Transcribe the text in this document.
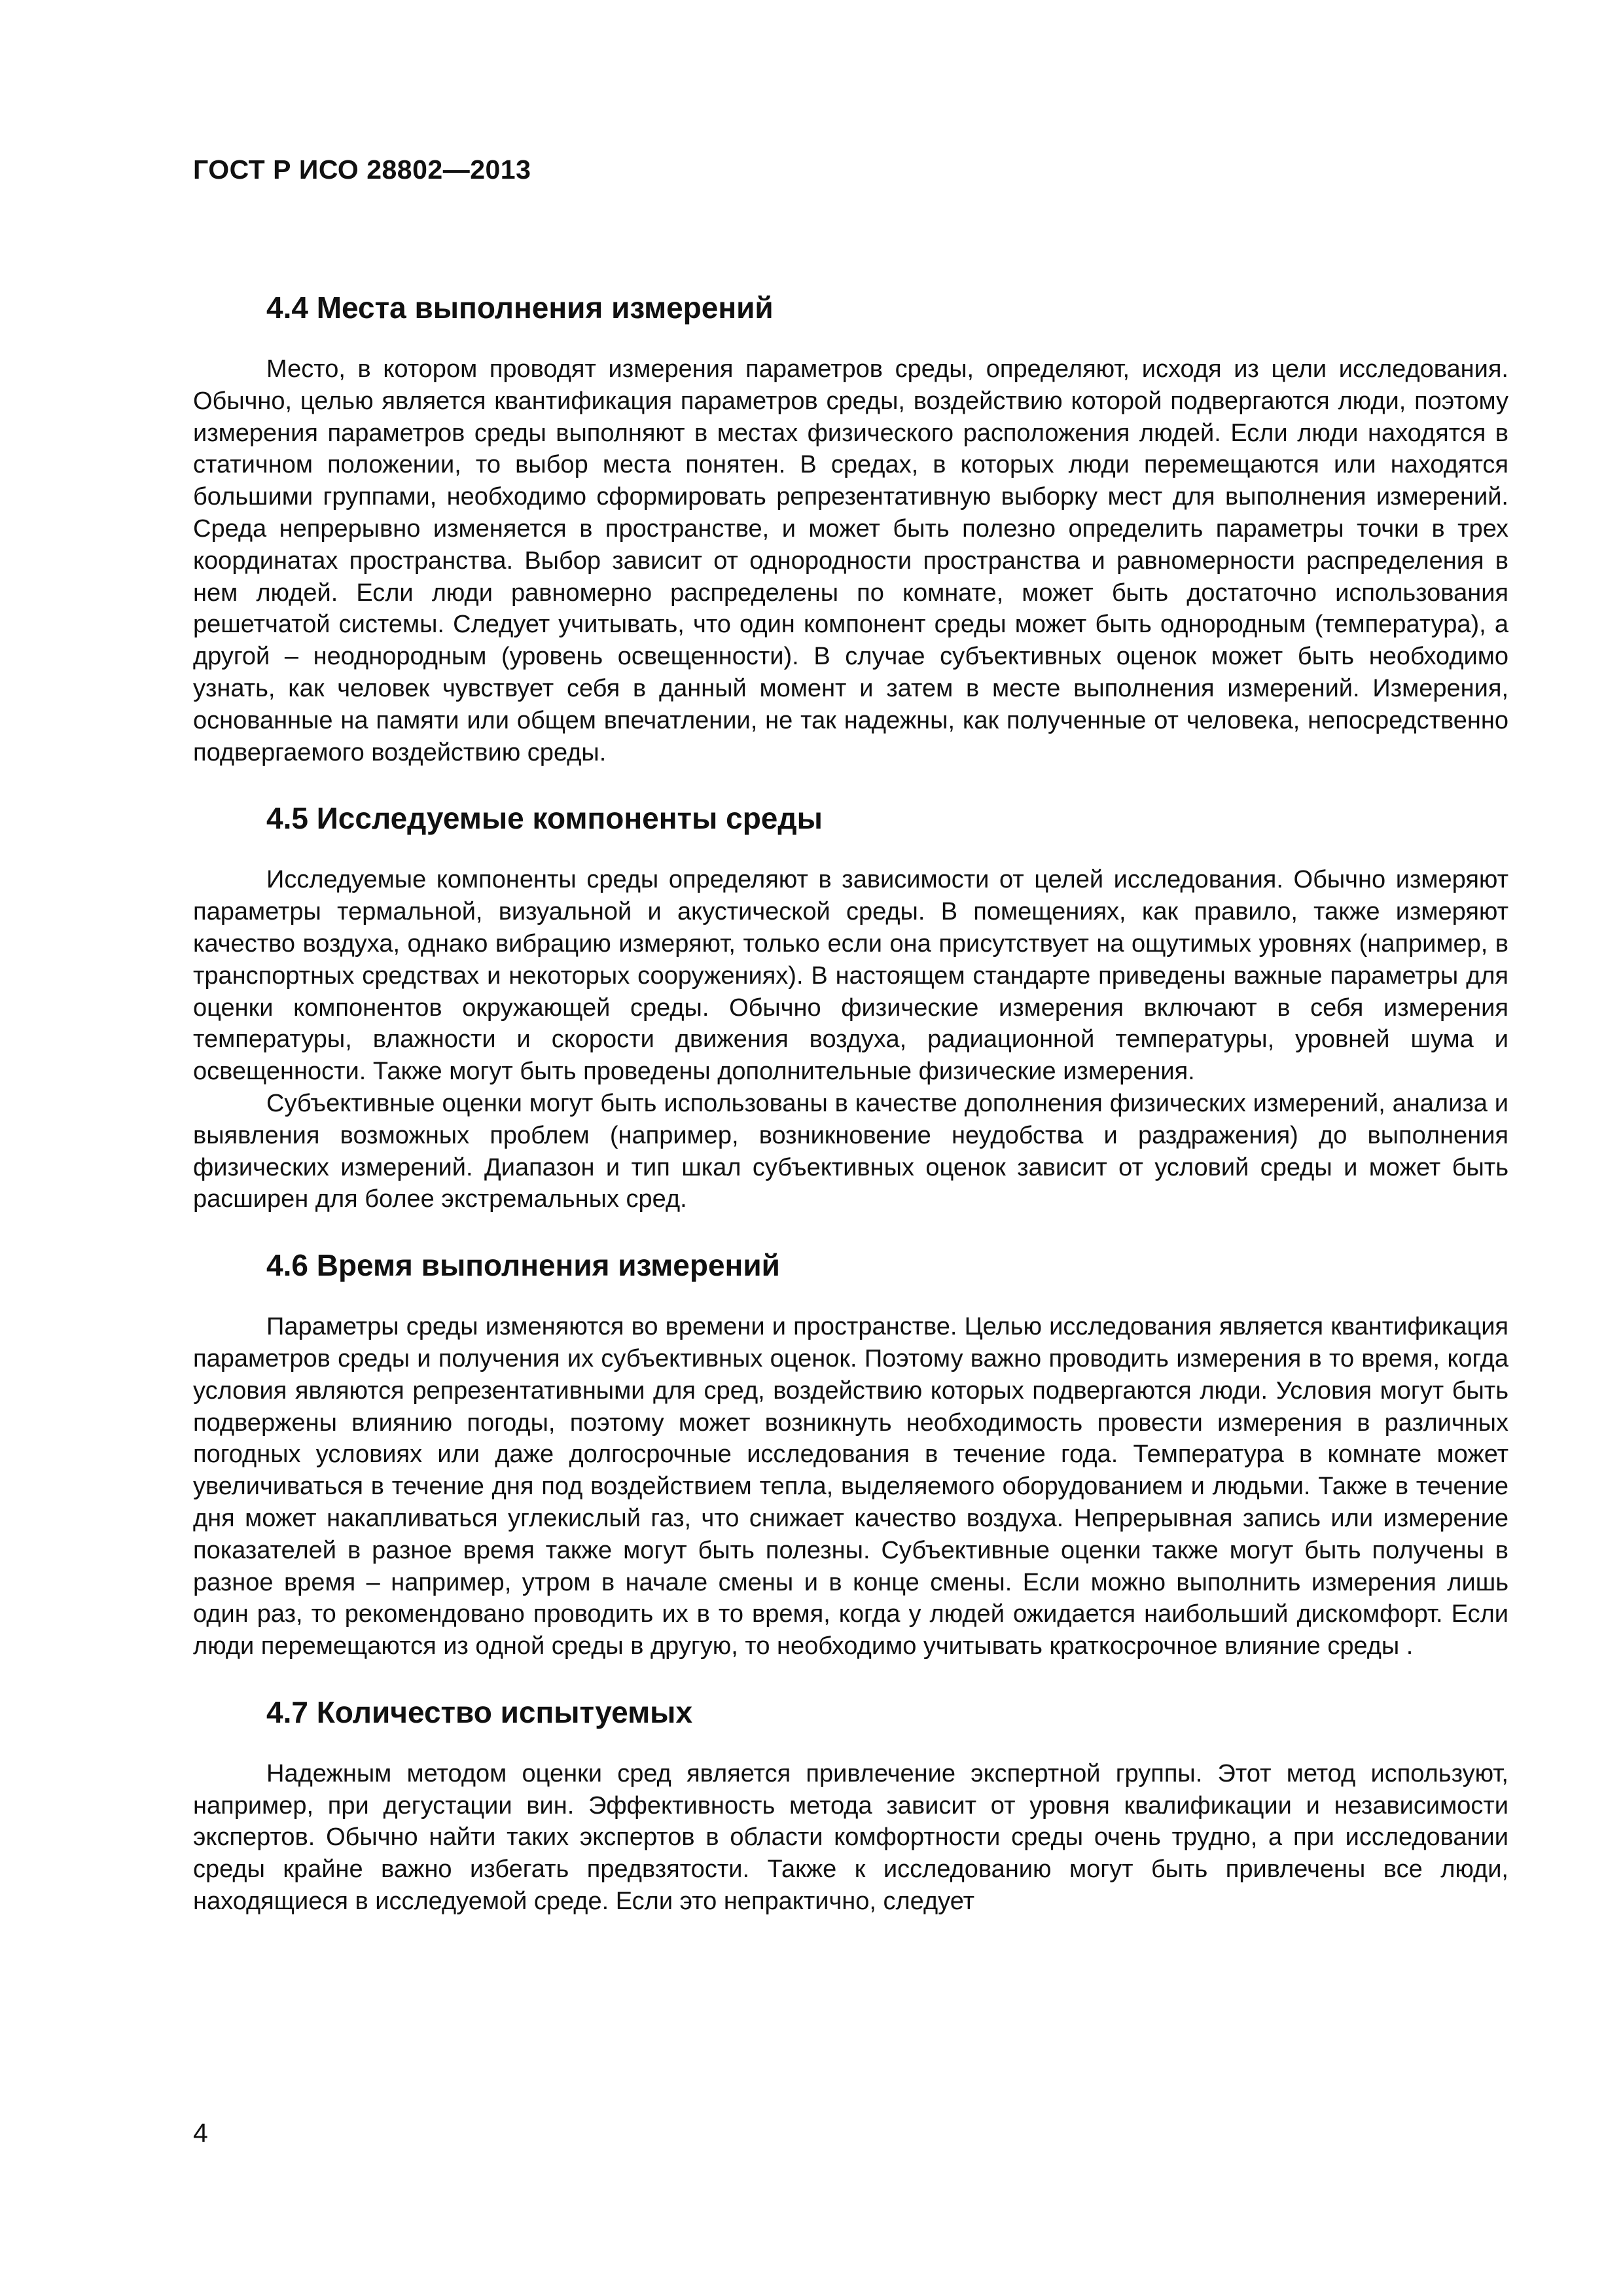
ГОСТ Р ИСО 28802—2013

4.4 Места выполнения измерений

Место, в котором проводят измерения параметров среды, определяют, исходя из цели исследования. Обычно, целью является квантификация параметров среды, воздействию которой подвергаются люди, поэтому измерения параметров среды выполняют в местах физического расположения людей. Если люди находятся в статичном положении, то выбор места понятен. В средах, в которых люди перемещаются или находятся большими группами, необходимо сформировать репрезентативную выборку мест для выполнения измерений. Среда непрерывно изменяется в пространстве, и может быть полезно определить параметры точки в трех координатах пространства. Выбор зависит от однородности пространства и равномерности распределения в нем людей. Если люди равномерно распределены по комнате, может быть достаточно использования решетчатой системы. Следует учитывать, что один компонент среды может быть однородным (температура), а другой – неоднородным (уровень освещенности). В случае субъективных оценок может быть необходимо узнать, как человек чувствует себя в данный момент и затем в месте выполнения измерений. Измерения, основанные на памяти или общем впечатлении, не так надежны, как полученные от человека, непосредственно подвергаемого воздействию среды.

4.5 Исследуемые компоненты среды

Исследуемые компоненты среды определяют в зависимости от целей исследования. Обычно измеряют параметры термальной, визуальной и акустической среды. В помещениях, как правило, также измеряют качество воздуха, однако вибрацию измеряют, только если она присутствует на ощутимых уровнях (например, в транспортных средствах и некоторых сооружениях). В настоящем стандарте приведены важные параметры для оценки компонентов окружающей среды. Обычно физические измерения включают в себя измерения температуры, влажности и скорости движения воздуха, радиационной температуры, уровней шума и освещенности. Также могут быть проведены дополнительные физические измерения.

Субъективные оценки могут быть использованы в качестве дополнения физических измерений, анализа и выявления возможных проблем (например, возникновение неудобства и раздражения) до выполнения физических измерений. Диапазон и тип шкал субъективных оценок зависит от условий среды и может быть расширен для более экстремальных сред.

4.6 Время выполнения измерений

Параметры среды изменяются во времени и пространстве. Целью исследования является квантификация параметров среды и получения их субъективных оценок. Поэтому важно проводить измерения в то время, когда условия являются репрезентативными для сред, воздействию которых подвергаются люди. Условия могут быть подвержены влиянию погоды, поэтому может возникнуть необходимость провести измерения в различных погодных условиях или даже долгосрочные исследования в течение года. Температура в комнате может увеличиваться в течение дня под воздействием тепла, выделяемого оборудованием и людьми. Также в течение дня может накапливаться углекислый газ, что снижает качество воздуха. Непрерывная запись или измерение показателей в разное время также могут быть полезны. Субъективные оценки также могут быть получены в разное время – например, утром в начале смены и в конце смены. Если можно выполнить измерения лишь один раз, то рекомендовано проводить их в то время, когда у людей ожидается наибольший дискомфорт. Если люди перемещаются из одной среды в другую, то необходимо учитывать краткосрочное влияние среды .

4.7 Количество испытуемых

Надежным методом оценки сред является привлечение экспертной группы. Этот метод используют, например, при дегустации вин. Эффективность метода зависит от уровня квалификации и независимости экспертов. Обычно найти таких экспертов в области комфортности среды очень трудно, а при исследовании среды крайне важно избегать предвзятости. Также к исследованию могут быть привлечены все люди, находящиеся в исследуемой среде. Если это непрактично, следует

4
